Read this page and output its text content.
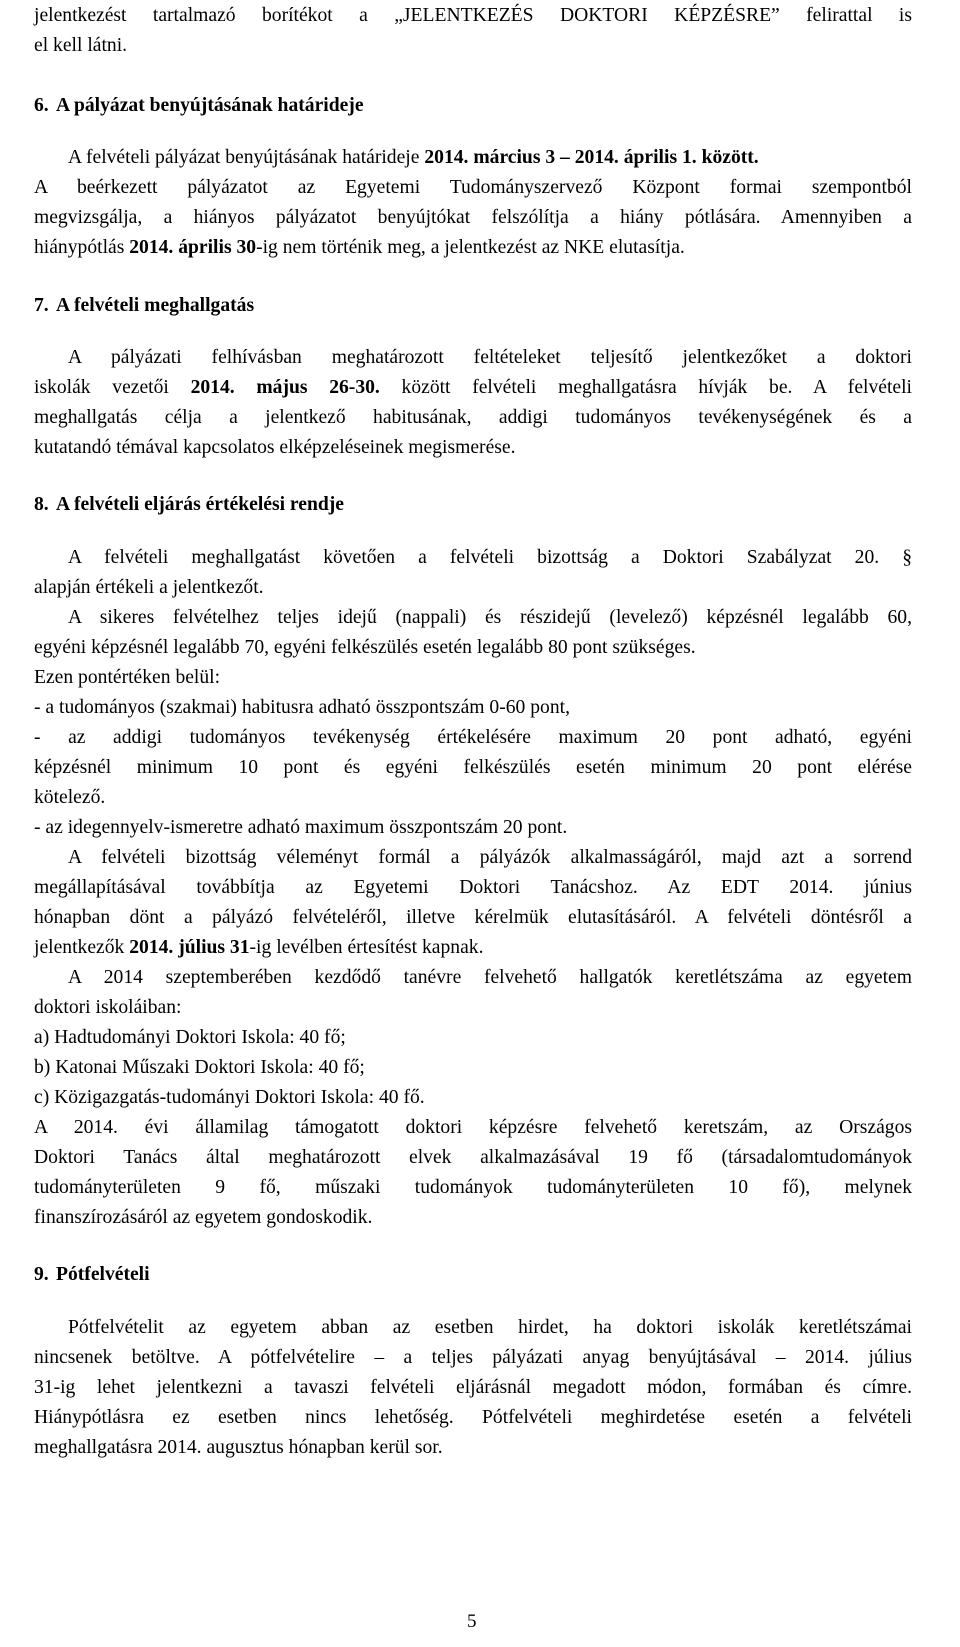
jelentkezést tartalmazó borítékot a „JELENTKEZÉS DOKTORI KÉPZÉSRE” felirattal is
el kell látni.
6. A pályázat benyújtásának határideje
A felvételi pályázat benyújtásának határideje 2014. március 3 – 2014. április 1. között.
A beérkezett pályázatot az Egyetemi Tudományszervező Központ formai szempontból
megvizsgálja, a hiányos pályázatot benyújtókat felszólítja a hiány pótlására. Amennyiben a
hiánypótlás 2014. április 30-ig nem történik meg, a jelentkezést az NKE elutasítja.
7. A felvételi meghallgatás
A pályázati felhívásban meghatározott feltételeket teljesítő jelentkezőket a doktori
iskolák vezetői 2014. május 26-30. között felvételi meghallgatásra hívják be. A felvételi
meghallgatás célja a jelentkező habitusának, addigi tudományos tevékenységének és a
kutatandó témával kapcsolatos elképzeléseinek megismerése.
8. A felvételi eljárás értékelési rendje
A felvételi meghallgatást követően a felvételi bizottság a Doktori Szabályzat 20. §
alapján értékeli a jelentkezőt.
A sikeres felvételhez teljes idejű (nappali) és részidejű (levelező) képzésnél legalább 60,
egyéni képzésnél legalább 70, egyéni felkészülés esetén legalább 80 pont szükséges.
Ezen pontértéken belül:
- a tudományos (szakmai) habitusra adható összpontszám 0-60 pont,
- az addigi tudományos tevékenység értékelésére maximum 20 pont adható, egyéni
képzésnél minimum 10 pont és egyéni felkészülés esetén minimum 20 pont elérése
kötelező.
- az idegennyelv-ismeretre adható maximum összpontszám 20 pont.
A felvételi bizottság véleményt formál a pályázók alkalmasságáról, majd azt a sorrend
megállapításával továbbítja az Egyetemi Doktori Tanácshoz. Az EDT 2014. június
hónapban dönt a pályázó felvételéről, illetve kérelmük elutasításáról. A felvételi döntésről a
jelentkezők 2014. július 31-ig levélben értesítést kapnak.
A 2014 szeptemberében kezdődő tanévre felvehető hallgatók keretlétszáma az egyetem
doktori iskoláiban:
a) Hadtudományi Doktori Iskola: 40 fő;
b) Katonai Műszaki Doktori Iskola: 40 fő;
c) Közigazgatás-tudományi Doktori Iskola: 40 fő.
A 2014. évi államilag támogatott doktori képzésre felvehető keretszám, az Országos
Doktori Tanács által meghatározott elvek alkalmazásával 19 fő (társadalomtudományok
tudományterületen 9 fő, műszaki tudományok tudományterületen 10 fő), melynek
finanszírozásáról az egyetem gondoskodik.
9. Pótfelvételi
Pótfelvételit az egyetem abban az esetben hirdet, ha doktori iskolák keretlétszámai
nincsenek betöltve. A pótfelvételire – a teljes pályázati anyag benyújtásával – 2014. július
31-ig lehet jelentkezni a tavaszi felvételi eljárásnál megadott módon, formában és címre.
Hiánypótlásra ez esetben nincs lehetőség. Pótfelvételi meghirdetése esetén a felvételi
meghallgatásra 2014. augusztus hónapban kerül sor.
5
